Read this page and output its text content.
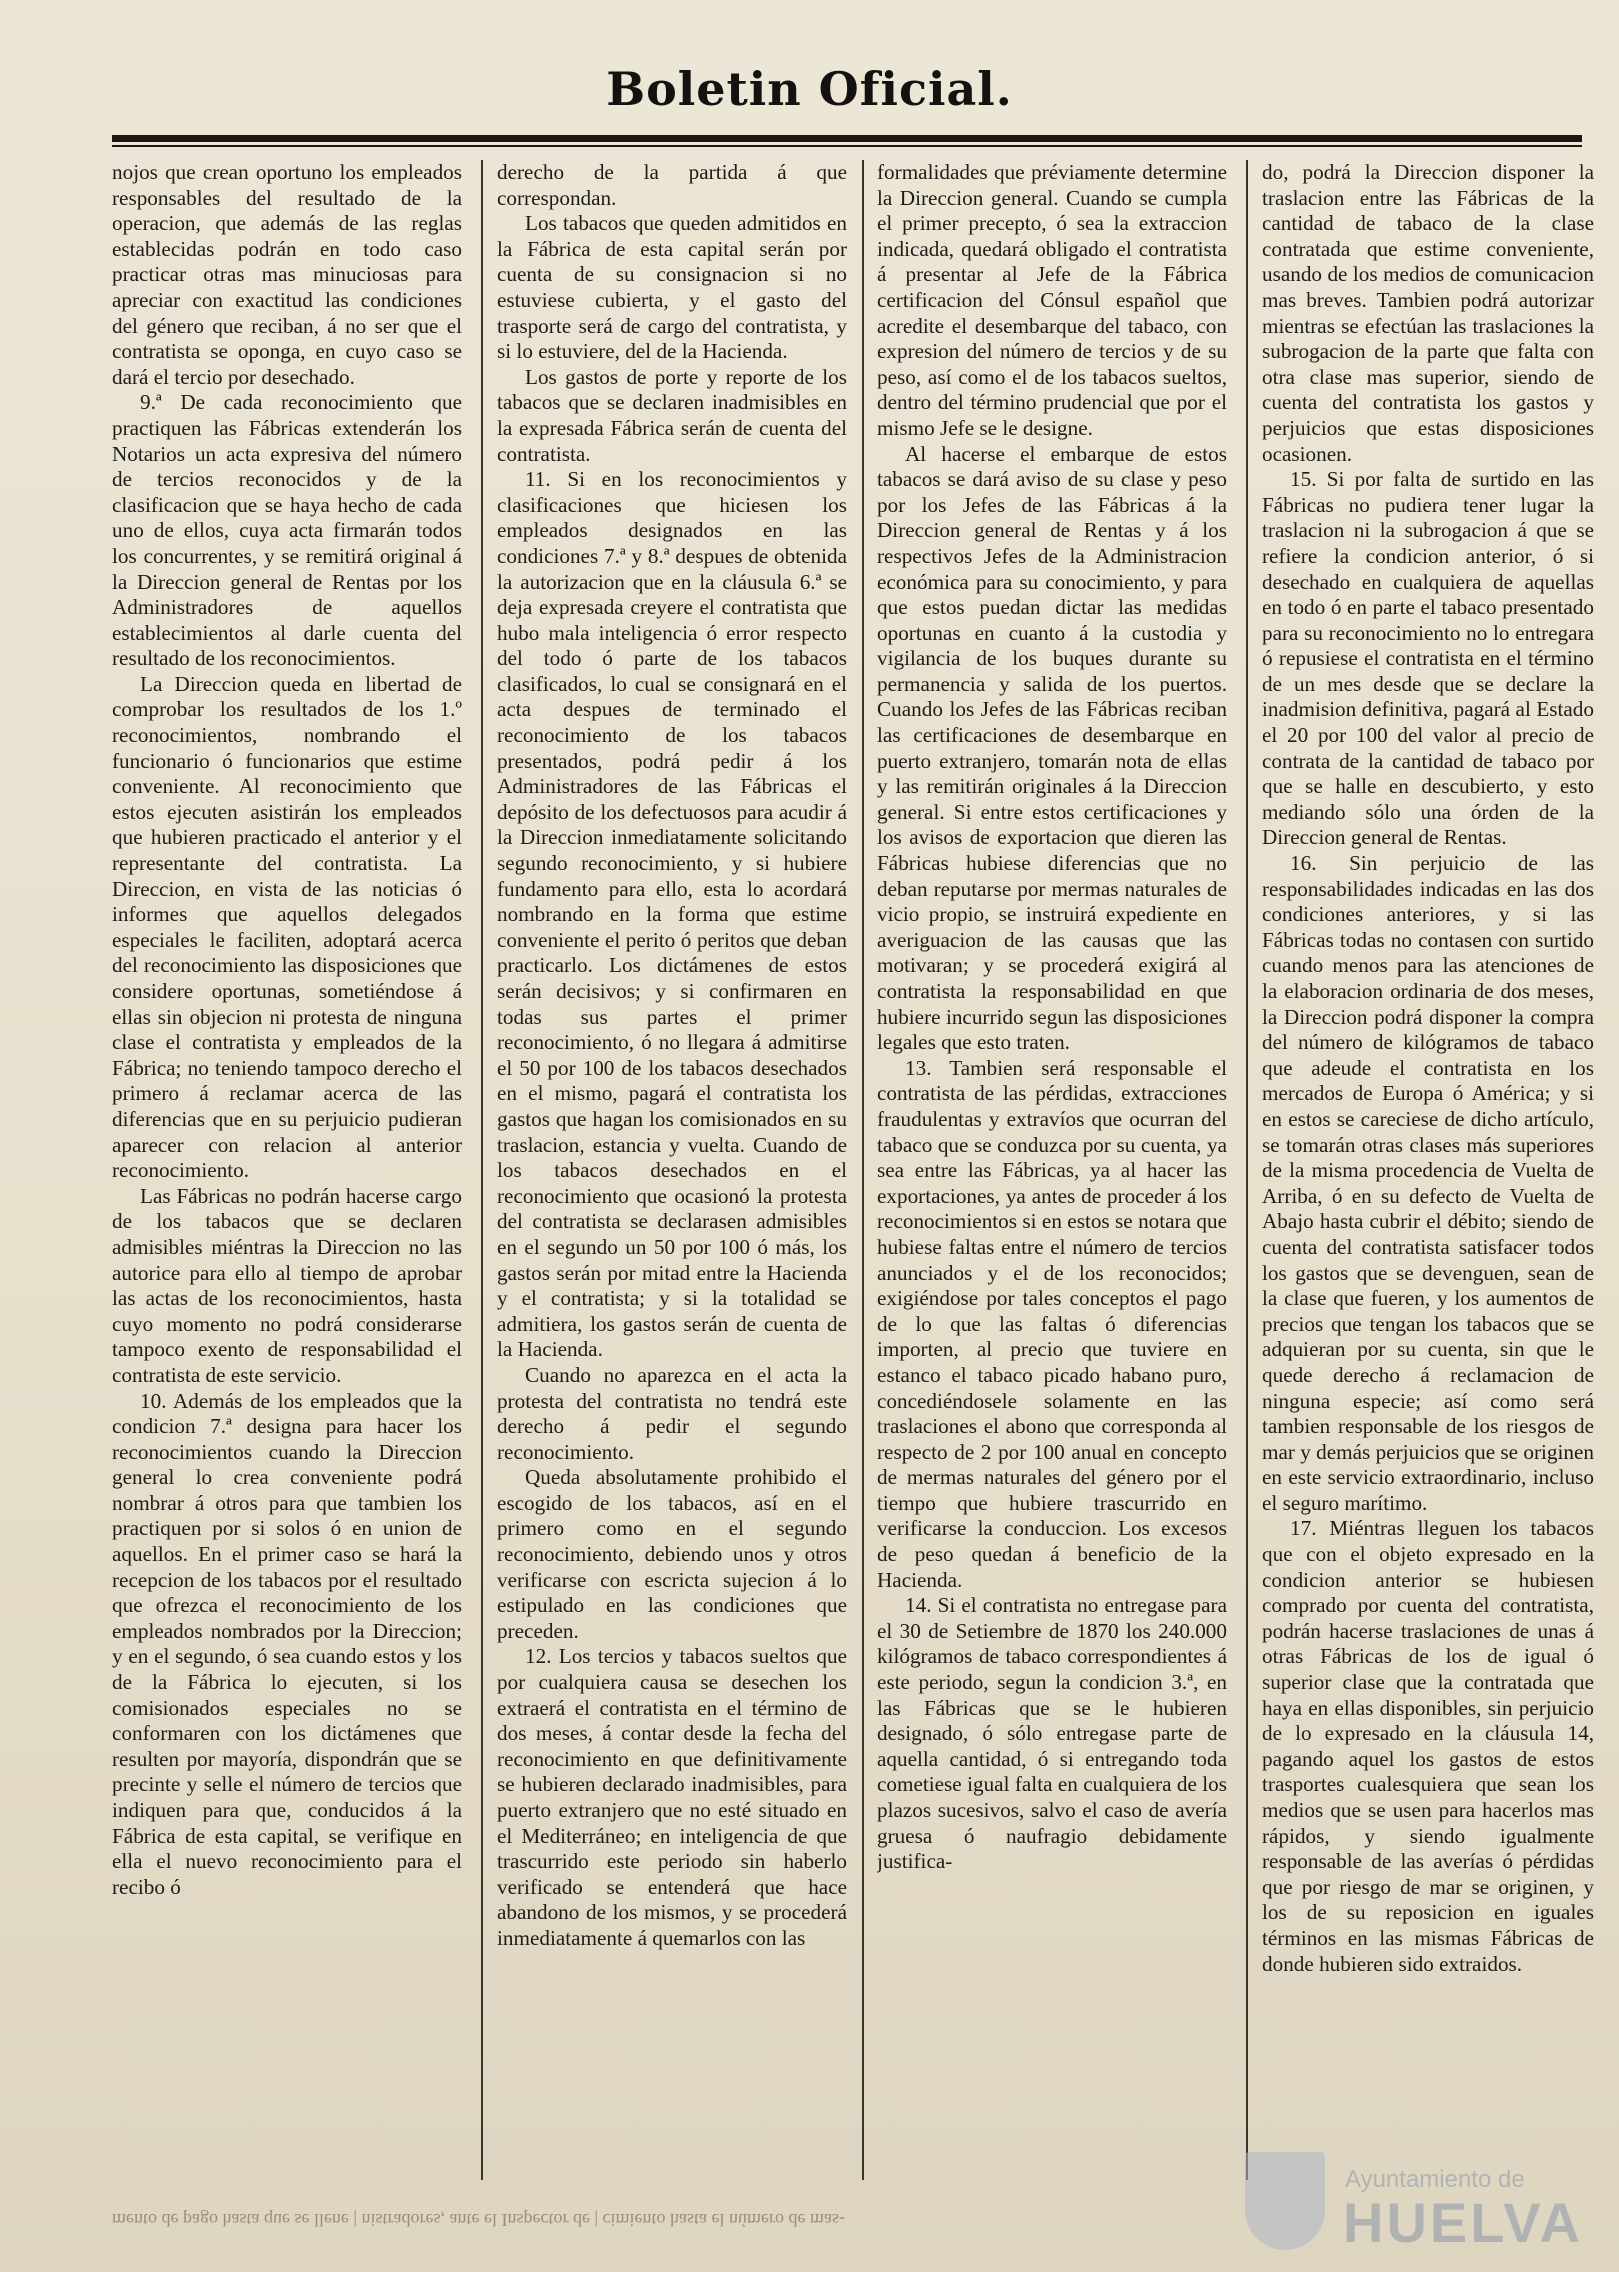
Boletin Oficial.

nojos que crean oportuno los empleados responsables del resultado de la operacion, que además de las reglas establecidas podrán en todo caso practicar otras mas minuciosas para apreciar con exactitud las condiciones del género que reciban, á no ser que el contratista se oponga, en cuyo caso se dará el tercio por desechado.

9.ª De cada reconocimiento que practiquen las Fábricas extenderán los Notarios un acta expresiva del número de tercios reconocidos y de la clasificacion que se haya hecho de cada uno de ellos, cuya acta firmarán todos los concurrentes, y se remitirá original á la Direccion general de Rentas por los Administradores de aquellos establecimientos al darle cuenta del resultado de los reconocimientos.

La Direccion queda en libertad de comprobar los resultados de los 1.º reconocimientos, nombrando el funcionario ó funcionarios que estime conveniente. Al reconocimiento que estos ejecuten asistirán los empleados que hubieren practicado el anterior y el representante del contratista. La Direccion, en vista de las noticias ó informes que aquellos delegados especiales le faciliten, adoptará acerca del reconocimiento las disposiciones que considere oportunas, sometiéndose á ellas sin objecion ni protesta de ninguna clase el contratista y empleados de la Fábrica; no teniendo tampoco derecho el primero á reclamar acerca de las diferencias que en su perjuicio pudieran aparecer con relacion al anterior reconocimiento.

Las Fábricas no podrán hacerse cargo de los tabacos que se declaren admisibles miéntras la Direccion no las autorice para ello al tiempo de aprobar las actas de los reconocimientos, hasta cuyo momento no podrá considerarse tampoco exento de responsabilidad el contratista de este servicio.

10. Además de los empleados que la condicion 7.ª designa para hacer los reconocimientos cuando la Direccion general lo crea conveniente podrá nombrar á otros para que tambien los practiquen por si solos ó en union de aquellos. En el primer caso se hará la recepcion de los tabacos por el resultado que ofrezca el reconocimiento de los empleados nombrados por la Direccion; y en el segundo, ó sea cuando estos y los de la Fábrica lo ejecuten, si los comisionados especiales no se conformaren con los dictámenes que resulten por mayoría, dispondrán que se precinte y selle el número de tercios que indiquen para que, conducidos á la Fábrica de esta capital, se verifique en ella el nuevo reconocimiento para el recibo ó

derecho de la partida á que correspondan.

Los tabacos que queden admitidos en la Fábrica de esta capital serán por cuenta de su consignacion si no estuviese cubierta, y el gasto del trasporte será de cargo del contratista, y si lo estuviere, del de la Hacienda.

Los gastos de porte y reporte de los tabacos que se declaren inadmisibles en la expresada Fábrica serán de cuenta del contratista.

11. Si en los reconocimientos y clasificaciones que hiciesen los empleados designados en las condiciones 7.ª y 8.ª despues de obtenida la autorizacion que en la cláusula 6.ª se deja expresada creyere el contratista que hubo mala inteligencia ó error respecto del todo ó parte de los tabacos clasificados, lo cual se consignará en el acta despues de terminado el reconocimiento de los tabacos presentados, podrá pedir á los Administradores de las Fábricas el depósito de los defectuosos para acudir á la Direccion inmediatamente solicitando segundo reconocimiento, y si hubiere fundamento para ello, esta lo acordará nombrando en la forma que estime conveniente el perito ó peritos que deban practicarlo. Los dictámenes de estos serán decisivos; y si confirmaren en todas sus partes el primer reconocimiento, ó no llegara á admitirse el 50 por 100 de los tabacos desechados en el mismo, pagará el contratista los gastos que hagan los comisionados en su traslacion, estancia y vuelta. Cuando de los tabacos desechados en el reconocimiento que ocasionó la protesta del contratista se declarasen admisibles en el segundo un 50 por 100 ó más, los gastos serán por mitad entre la Hacienda y el contratista; y si la totalidad se admitiera, los gastos serán de cuenta de la Hacienda.

Cuando no aparezca en el acta la protesta del contratista no tendrá este derecho á pedir el segundo reconocimiento.

Queda absolutamente prohibido el escogido de los tabacos, así en el primero como en el segundo reconocimiento, debiendo unos y otros verificarse con escricta sujecion á lo estipulado en las condiciones que preceden.

12. Los tercios y tabacos sueltos que por cualquiera causa se desechen los extraerá el contratista en el término de dos meses, á contar desde la fecha del reconocimiento en que definitivamente se hubieren declarado inadmisibles, para puerto extranjero que no esté situado en el Mediterráneo; en inteligencia de que trascurrido este periodo sin haberlo verificado se entenderá que hace abandono de los mismos, y se procederá inmediatamente á quemarlos con las

formalidades que préviamente determine la Direccion general. Cuando se cumpla el primer precepto, ó sea la extraccion indicada, quedará obligado el contratista á presentar al Jefe de la Fábrica certificacion del Cónsul español que acredite el desembarque del tabaco, con expresion del número de tercios y de su peso, así como el de los tabacos sueltos, dentro del término prudencial que por el mismo Jefe se le designe.

Al hacerse el embarque de estos tabacos se dará aviso de su clase y peso por los Jefes de las Fábricas á la Direccion general de Rentas y á los respectivos Jefes de la Administracion económica para su conocimiento, y para que estos puedan dictar las medidas oportunas en cuanto á la custodia y vigilancia de los buques durante su permanencia y salida de los puertos. Cuando los Jefes de las Fábricas reciban las certificaciones de desembarque en puerto extranjero, tomarán nota de ellas y las remitirán originales á la Direccion general. Si entre estos certificaciones y los avisos de exportacion que dieren las Fábricas hubiese diferencias que no deban reputarse por mermas naturales de vicio propio, se instruirá expediente en averiguacion de las causas que las motivaran; y se procederá exigirá al contratista la responsabilidad en que hubiere incurrido segun las disposiciones legales que esto traten.

13. Tambien será responsable el contratista de las pérdidas, extracciones fraudulentas y extravíos que ocurran del tabaco que se conduzca por su cuenta, ya sea entre las Fábricas, ya al hacer las exportaciones, ya antes de proceder á los reconocimientos si en estos se notara que hubiese faltas entre el número de tercios anunciados y el de los reconocidos; exigiéndose por tales conceptos el pago de lo que las faltas ó diferencias importen, al precio que tuviere en estanco el tabaco picado habano puro, concediéndosele solamente en las traslaciones el abono que corresponda al respecto de 2 por 100 anual en concepto de mermas naturales del género por el tiempo que hubiere trascurrido en verificarse la conduccion. Los excesos de peso quedan á beneficio de la Hacienda.

14. Si el contratista no entregase para el 30 de Setiembre de 1870 los 240.000 kilógramos de tabaco correspondientes á este periodo, segun la condicion 3.ª, en las Fábricas que se le hubieren designado, ó sólo entregase parte de aquella cantidad, ó si entregando toda cometiese igual falta en cualquiera de los plazos sucesivos, salvo el caso de avería gruesa ó naufragio debidamente justifica-

do, podrá la Direccion disponer la traslacion entre las Fábricas de la cantidad de tabaco de la clase contratada que estime conveniente, usando de los medios de comunicacion mas breves. Tambien podrá autorizar mientras se efectúan las traslaciones la subrogacion de la parte que falta con otra clase mas superior, siendo de cuenta del contratista los gastos y perjuicios que estas disposiciones ocasionen.

15. Si por falta de surtido en las Fábricas no pudiera tener lugar la traslacion ni la subrogacion á que se refiere la condicion anterior, ó si desechado en cualquiera de aquellas en todo ó en parte el tabaco presentado para su reconocimiento no lo entregara ó repusiese el contratista en el término de un mes desde que se declare la inadmision definitiva, pagará al Estado el 20 por 100 del valor al precio de contrata de la cantidad de tabaco por que se halle en descubierto, y esto mediando sólo una órden de la Direccion general de Rentas.

16. Sin perjuicio de las responsabilidades indicadas en las dos condiciones anteriores, y si las Fábricas todas no contasen con surtido cuando menos para las atenciones de la elaboracion ordinaria de dos meses, la Direccion podrá disponer la compra del número de kilógramos de tabaco que adeude el contratista en los mercados de Europa ó América; y si en estos se careciese de dicho artículo, se tomarán otras clases más superiores de la misma procedencia de Vuelta de Arriba, ó en su defecto de Vuelta de Abajo hasta cubrir el débito; siendo de cuenta del contratista satisfacer todos los gastos que se devenguen, sean de la clase que fueren, y los aumentos de precios que tengan los tabacos que se adquieran por su cuenta, sin que le quede derecho á reclamacion de ninguna especie; así como será tambien responsable de los riesgos de mar y demás perjuicios que se originen en este servicio extraordinario, incluso el seguro marítimo.

17. Miéntras lleguen los tabacos que con el objeto expresado en la condicion anterior se hubiesen comprado por cuenta del contratista, podrán hacerse traslaciones de unas á otras Fábricas de los de igual ó superior clase que la contratada que haya en ellas disponibles, sin perjuicio de lo expresado en la cláusula 14, pagando aquel los gastos de estos trasportes cualesquiera que sean los medios que se usen para hacerlos mas rápidos, y siendo igualmente responsable de las averías ó pérdidas que por riesgo de mar se originen, y los de su reposicion en iguales términos en las mismas Fábricas de donde hubieren sido extraidos.

mento de pago hasta que se llene | nistradores, ante el Inspector de | cimiento hasta el número de mas-
Ayuntamiento de
HUELVA
